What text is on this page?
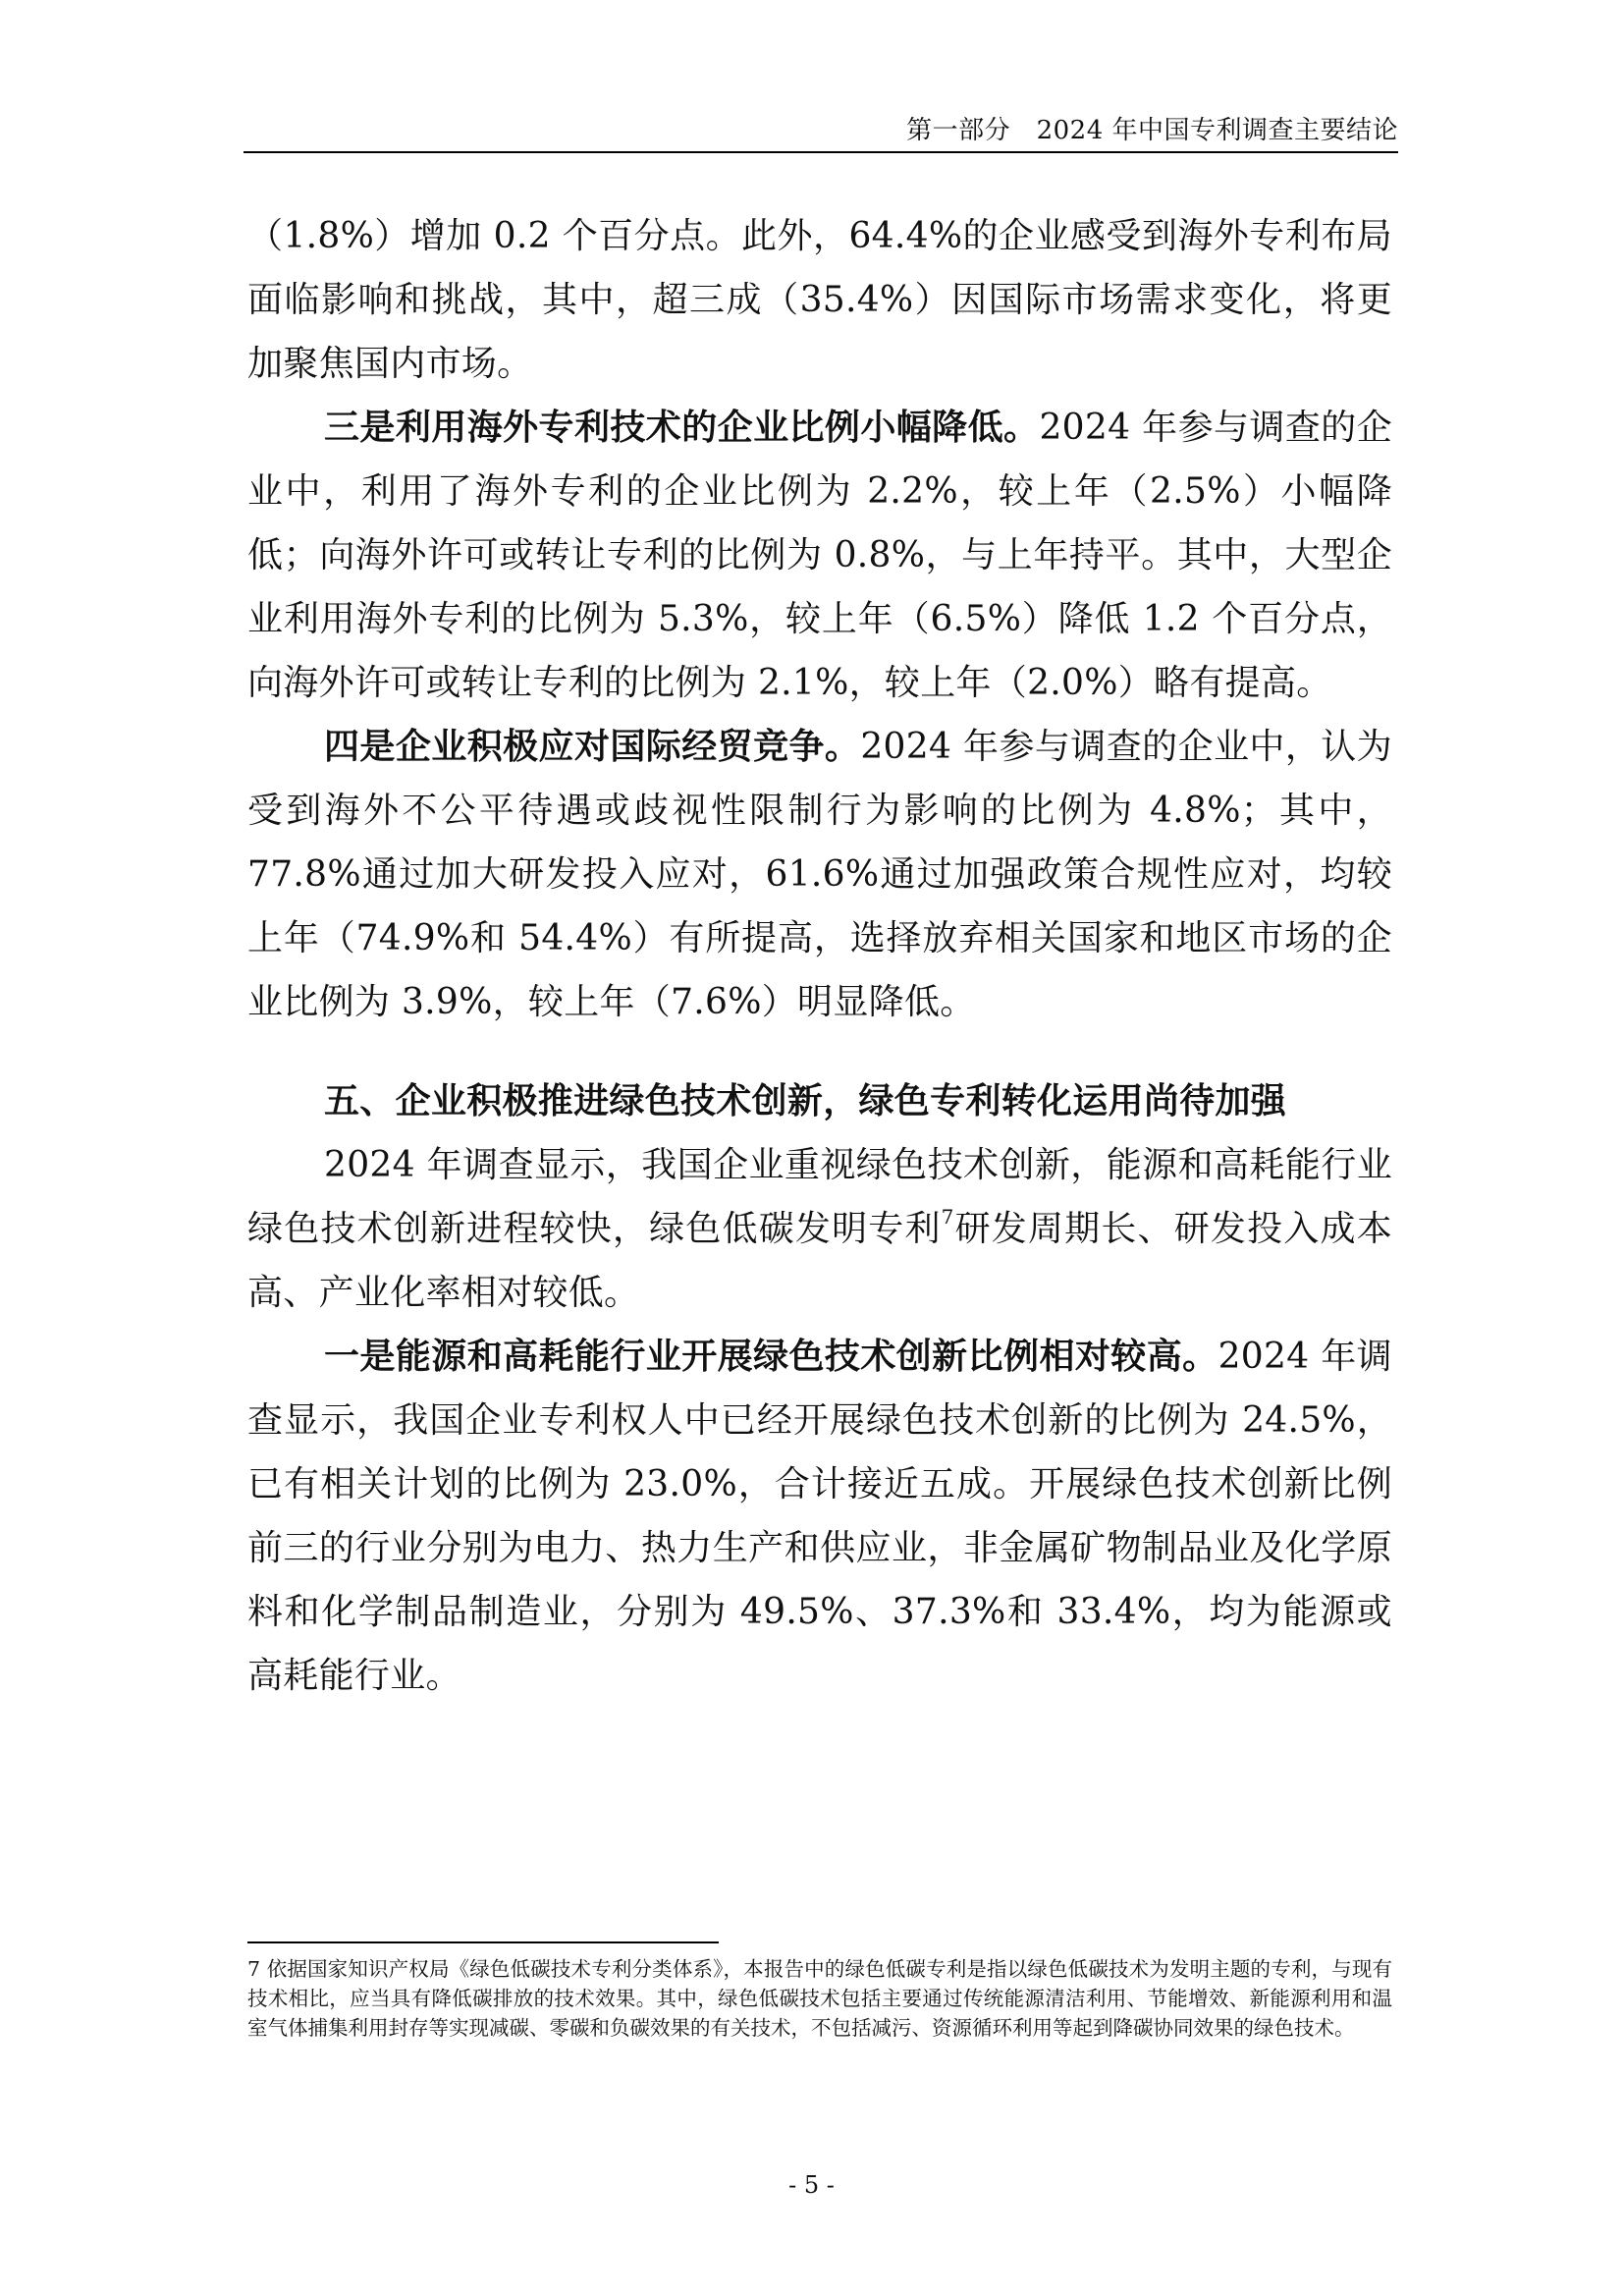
第一部分　2024 年中国专利调查主要结论

（1.8%）增加 0.2 个百分点。此外，64.4%的企业感受到海外专利布局面临影响和挑战，其中，超三成（35.4%）因国际市场需求变化，将更加聚焦国内市场。

三是利用海外专利技术的企业比例小幅降低。2024 年参与调查的企业中，利用了海外专利的企业比例为 2.2%，较上年（2.5%）小幅降低；向海外许可或转让专利的比例为 0.8%，与上年持平。其中，大型企业利用海外专利的比例为 5.3%，较上年（6.5%）降低 1.2 个百分点，向海外许可或转让专利的比例为 2.1%，较上年（2.0%）略有提高。

四是企业积极应对国际经贸竞争。2024 年参与调查的企业中，认为受到海外不公平待遇或歧视性限制行为影响的比例为 4.8%；其中，77.8%通过加大研发投入应对，61.6%通过加强政策合规性应对，均较上年（74.9%和 54.4%）有所提高，选择放弃相关国家和地区市场的企业比例为 3.9%，较上年（7.6%）明显降低。

五、企业积极推进绿色技术创新，绿色专利转化运用尚待加强

2024 年调查显示，我国企业重视绿色技术创新，能源和高耗能行业绿色技术创新进程较快，绿色低碳发明专利$^7$研发周期长、研发投入成本高、产业化率相对较低。

一是能源和高耗能行业开展绿色技术创新比例相对较高。2024 年调查显示，我国企业专利权人中已经开展绿色技术创新的比例为 24.5%，已有相关计划的比例为 23.0%，合计接近五成。开展绿色技术创新比例前三的行业分别为电力、热力生产和供应业，非金属矿物制品业及化学原料和化学制品制造业，分别为 49.5%、37.3%和 33.4%，均为能源或高耗能行业。

7 依据国家知识产权局《绿色低碳技术专利分类体系》，本报告中的绿色低碳专利是指以绿色低碳技术为发明主题的专利，与现有技术相比，应当具有降低碳排放的技术效果。其中，绿色低碳技术包括主要通过传统能源清洁利用、节能增效、新能源利用和温室气体捕集利用封存等实现减碳、零碳和负碳效果的有关技术，不包括减污、资源循环利用等起到降碳协同效果的绿色技术。
- 5 -
